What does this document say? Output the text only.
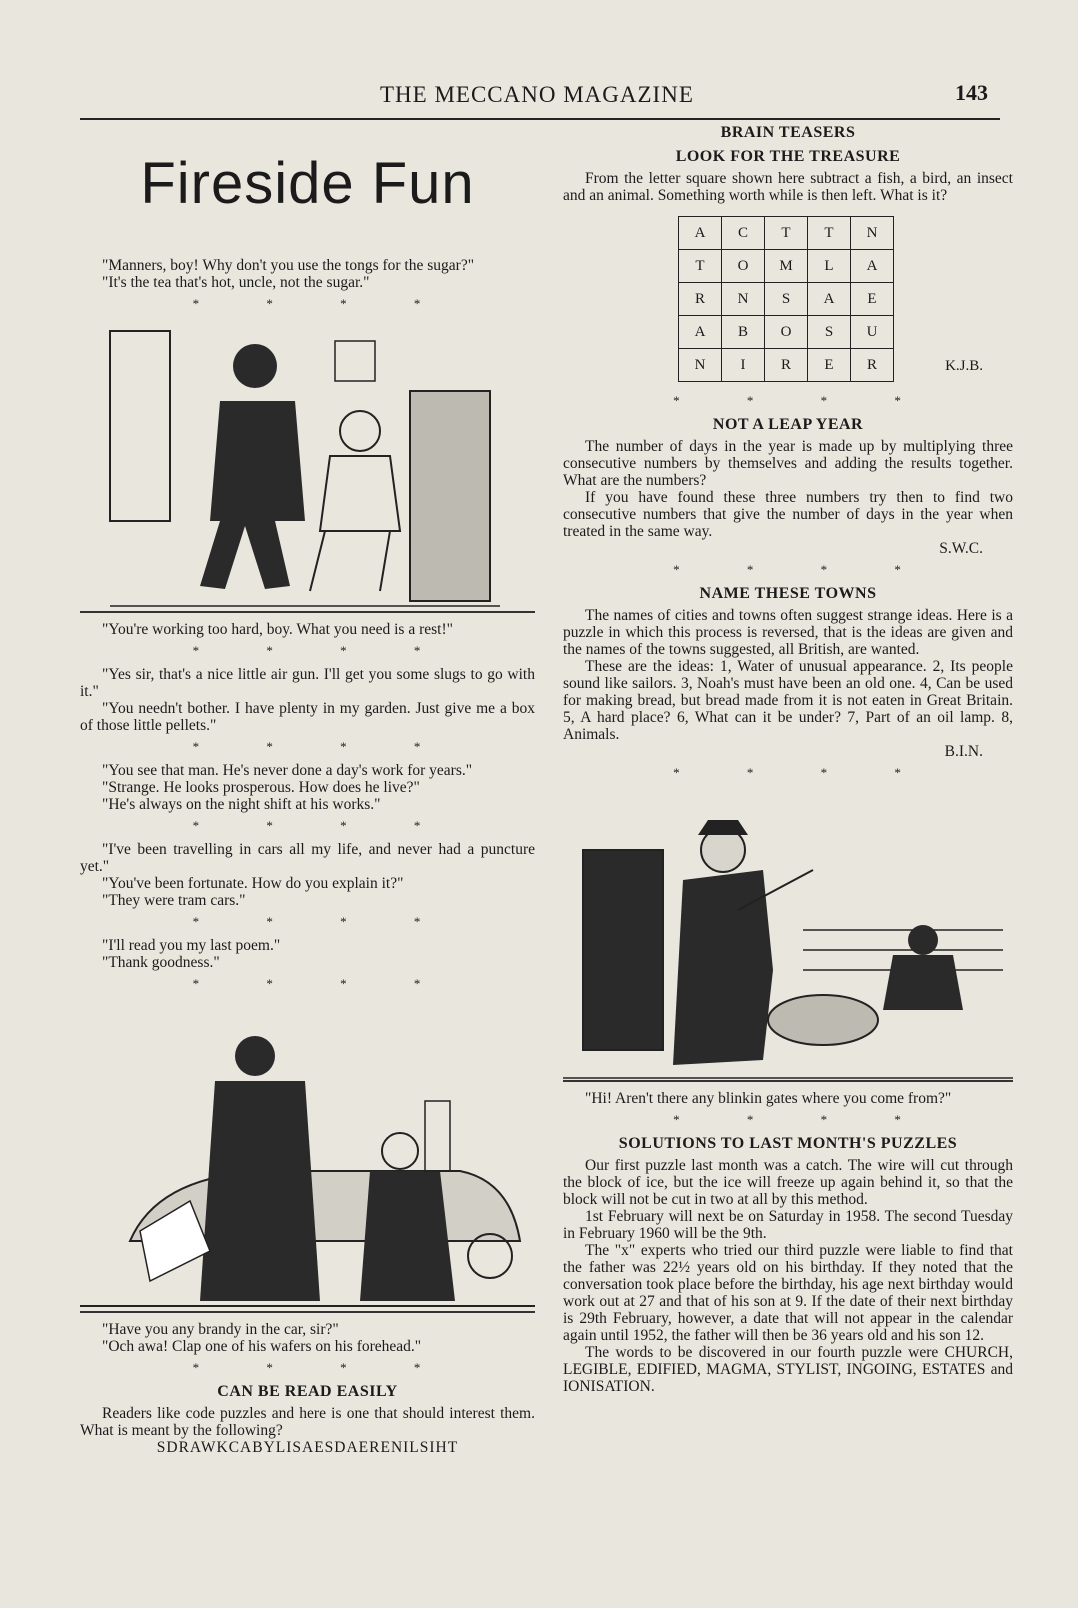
THE MECCANO MAGAZINE	143
Fireside Fun

"Manners, boy! Why don't you use the tongs for the sugar?"

"It's the tea that's hot, uncle, not the sugar."

* * * *

"You're working too hard, boy. What you need is a rest!"

* * * *

"Yes sir, that's a nice little air gun. I'll get you some slugs to go with it."

"You needn't bother. I have plenty in my garden. Just give me a box of those little pellets."

* * * *

"You see that man. He's never done a day's work for years."

"Strange. He looks prosperous. How does he live?"

"He's always on the night shift at his works."

* * * *

"I've been travelling in cars all my life, and never had a puncture yet."

"You've been fortunate. How do you explain it?"

"They were tram cars."

* * * *

"I'll read you my last poem."

"Thank goodness."

* * * *

"Have you any brandy in the car, sir?"

"Och awa! Clap one of his wafers on his forehead."

* * * *
CAN BE READ EASILY

Readers like code puzzles and here is one that should interest them. What is meant by the following?

SDRAWKCABYLISAESDAERENILSIHT
BRAIN TEASERS
LOOK FOR THE TREASURE

From the letter square shown here subtract a fish, a bird, an insect and an animal. Something worth while is then left. What is it?

A	C	T	T	N
T	O	M	L	A
R	N	S	A	E
A	B	O	S	U
N	I	R	E	R	K.J.B.
* * * *
NOT A LEAP YEAR

The number of days in the year is made up by multiplying three consecutive numbers by themselves and adding the results together. What are the numbers?

If you have found these three numbers try then to find two consecutive numbers that give the number of days in the year when treated in the same way.

S.W.C.

* * * *
NAME THESE TOWNS

The names of cities and towns often suggest strange ideas. Here is a puzzle in which this process is reversed, that is the ideas are given and the names of the towns suggested, all British, are wanted.

These are the ideas: 1, Water of unusual appearance. 2, Its people sound like sailors. 3, Noah's must have been an old one. 4, Can be used for making bread, but bread made from it is not eaten in Great Britain. 5, A hard place? 6, What can it be under? 7, Part of an oil lamp. 8, Animals.

B.I.N.

* * * *

"Hi! Aren't there any blinkin gates where you come from?"

* * * *
SOLUTIONS TO LAST MONTH'S PUZZLES

Our first puzzle last month was a catch. The wire will cut through the block of ice, but the ice will freeze up again behind it, so that the block will not be cut in two at all by this method.

1st February will next be on Saturday in 1958. The second Tuesday in February 1960 will be the 9th.

The "x" experts who tried our third puzzle were liable to find that the father was 22½ years old on his birthday. If they noted that the conversation took place before the birthday, his age next birthday would work out at 27 and that of his son at 9. If the date of their next birthday is 29th February, however, a date that will not appear in the calendar again until 1952, the father will then be 36 years old and his son 12.

The words to be discovered in our fourth puzzle were CHURCH, LEGIBLE, EDIFIED, MAGMA, STYLIST, INGOING, ESTATES and IONISATION.
